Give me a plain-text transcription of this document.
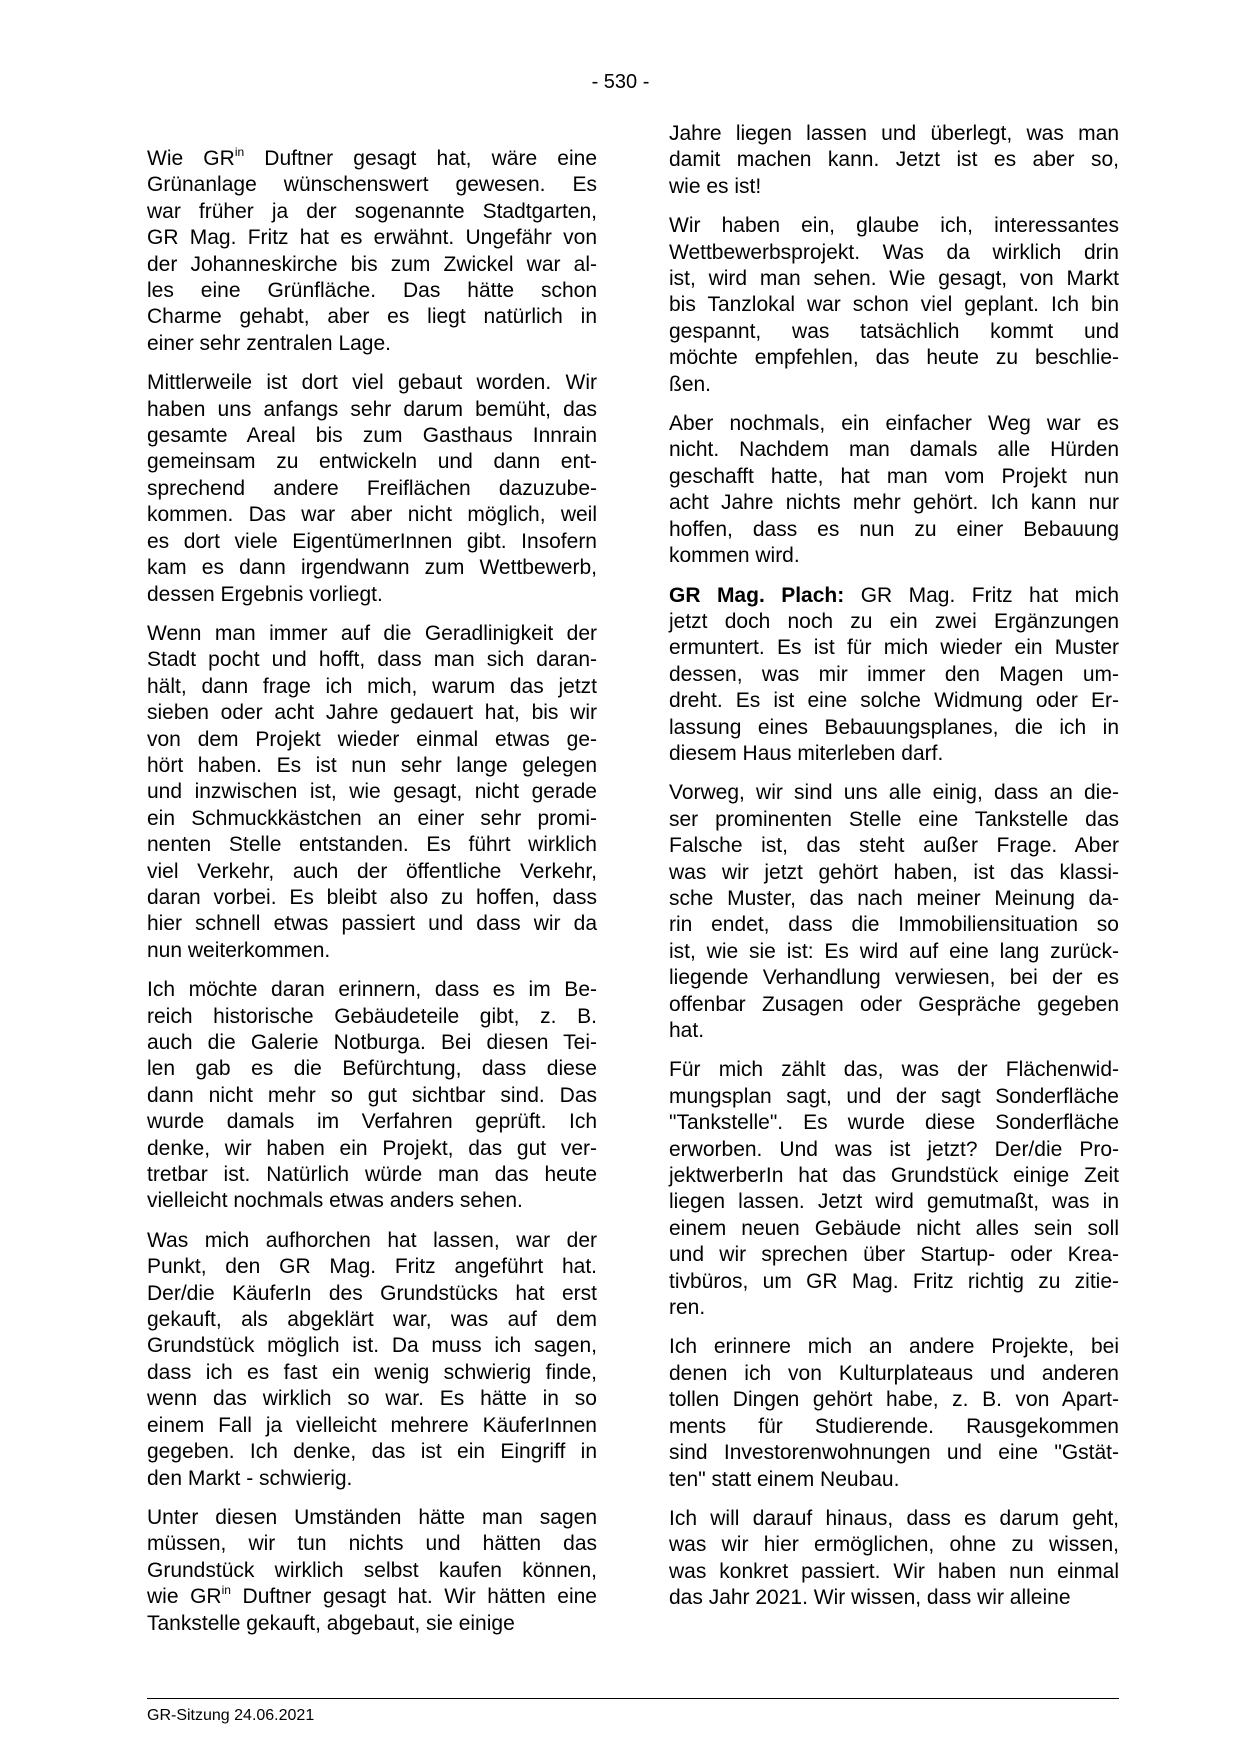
- 530 -
Wie $GR^{in}$ Duftner gesagt hat, wäre eine
Grünanlage wünschenswert gewesen. Es
war früher ja der sogenannte Stadtgarten,
GR Mag. Fritz hat es erwähnt. Ungefähr von
der Johanneskirche bis zum Zwickel war al-
les eine Grünfläche. Das hätte schon
Charme gehabt, aber es liegt natürlich in
einer sehr zentralen Lage.
Mittlerweile ist dort viel gebaut worden. Wir
haben uns anfangs sehr darum bemüht, das
gesamte Areal bis zum Gasthaus Innrain
gemeinsam zu entwickeln und dann ent-
sprechend andere Freiflächen dazuzube-
kommen. Das war aber nicht möglich, weil
es dort viele EigentümerInnen gibt. Insofern
kam es dann irgendwann zum Wettbewerb,
dessen Ergebnis vorliegt.
Wenn man immer auf die Geradlinigkeit der
Stadt pocht und hofft, dass man sich daran-
hält, dann frage ich mich, warum das jetzt
sieben oder acht Jahre gedauert hat, bis wir
von dem Projekt wieder einmal etwas ge-
hört haben. Es ist nun sehr lange gelegen
und inzwischen ist, wie gesagt, nicht gerade
ein Schmuckkästchen an einer sehr promi-
nenten Stelle entstanden. Es führt wirklich
viel Verkehr, auch der öffentliche Verkehr,
daran vorbei. Es bleibt also zu hoffen, dass
hier schnell etwas passiert und dass wir da
nun weiterkommen.
Ich möchte daran erinnern, dass es im Be-
reich historische Gebäudeteile gibt, z. B.
auch die Galerie Notburga. Bei diesen Tei-
len gab es die Befürchtung, dass diese
dann nicht mehr so gut sichtbar sind. Das
wurde damals im Verfahren geprüft. Ich
denke, wir haben ein Projekt, das gut ver-
tretbar ist. Natürlich würde man das heute
vielleicht nochmals etwas anders sehen.
Was mich aufhorchen hat lassen, war der
Punkt, den GR Mag. Fritz angeführt hat.
Der/die KäuferIn des Grundstücks hat erst
gekauft, als abgeklärt war, was auf dem
Grundstück möglich ist. Da muss ich sagen,
dass ich es fast ein wenig schwierig finde,
wenn das wirklich so war. Es hätte in so
einem Fall ja vielleicht mehrere KäuferInnen
gegeben. Ich denke, das ist ein Eingriff in
den Markt - schwierig.
Unter diesen Umständen hätte man sagen
müssen, wir tun nichts und hätten das
Grundstück wirklich selbst kaufen können,
wie $GR^{in}$ Duftner gesagt hat. Wir hätten eine
Tankstelle gekauft, abgebaut, sie einige
Jahre liegen lassen und überlegt, was man
damit machen kann. Jetzt ist es aber so,
wie es ist!
Wir haben ein, glaube ich, interessantes
Wettbewerbsprojekt. Was da wirklich drin
ist, wird man sehen. Wie gesagt, von Markt
bis Tanzlokal war schon viel geplant. Ich bin
gespannt, was tatsächlich kommt und
möchte empfehlen, das heute zu beschlie-
ßen.
Aber nochmals, ein einfacher Weg war es
nicht. Nachdem man damals alle Hürden
geschafft hatte, hat man vom Projekt nun
acht Jahre nichts mehr gehört. Ich kann nur
hoffen, dass es nun zu einer Bebauung
kommen wird.
GR Mag. Plach: GR Mag. Fritz hat mich
jetzt doch noch zu ein zwei Ergänzungen
ermuntert. Es ist für mich wieder ein Muster
dessen, was mir immer den Magen um-
dreht. Es ist eine solche Widmung oder Er-
lassung eines Bebauungsplanes, die ich in
diesem Haus miterleben darf.
Vorweg, wir sind uns alle einig, dass an die-
ser prominenten Stelle eine Tankstelle das
Falsche ist, das steht außer Frage. Aber
was wir jetzt gehört haben, ist das klassi-
sche Muster, das nach meiner Meinung da-
rin endet, dass die Immobiliensituation so
ist, wie sie ist: Es wird auf eine lang zurück-
liegende Verhandlung verwiesen, bei der es
offenbar Zusagen oder Gespräche gegeben
hat.
Für mich zählt das, was der Flächenwid-
mungsplan sagt, und der sagt Sonderfläche
"Tankstelle". Es wurde diese Sonderfläche
erworben. Und was ist jetzt? Der/die Pro-
jektwerberIn hat das Grundstück einige Zeit
liegen lassen. Jetzt wird gemutmaßt, was in
einem neuen Gebäude nicht alles sein soll
und wir sprechen über Startup- oder Krea-
tivbüros, um GR Mag. Fritz richtig zu zitie-
ren.
Ich erinnere mich an andere Projekte, bei
denen ich von Kulturplateaus und anderen
tollen Dingen gehört habe, z. B. von Apart-
ments für Studierende. Rausgekommen
sind Investorenwohnungen und eine "Gstät-
ten" statt einem Neubau.
Ich will darauf hinaus, dass es darum geht,
was wir hier ermöglichen, ohne zu wissen,
was konkret passiert. Wir haben nun einmal
das Jahr 2021. Wir wissen, dass wir alleine
GR-Sitzung 24.06.2021
